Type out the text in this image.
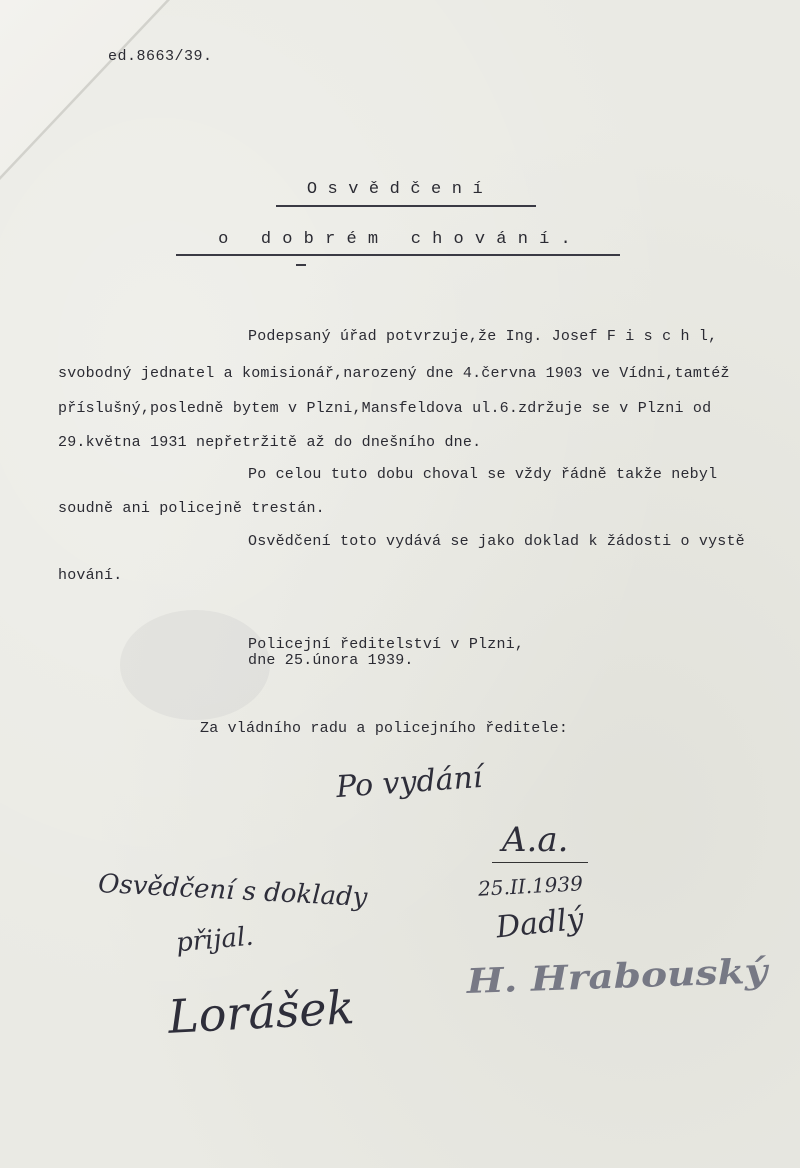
ed.8663/39.
Osvědčení
o dobrém chování.
Podepsaný úřad potvrzuje,že Ing. Josef F i s c h l,
svobodný jednatel a komisionář,narozený dne 4.června 1903 ve Vídni,tamtéž
příslušný,posledně bytem v Plzni,Mansfeldova ul.6.zdržuje se v Plzni od
29.května 1931 nepřetržitě až do dnešního dne.
Po celou tuto dobu choval se vždy řádně takže nebyl
soudně ani policejně trestán.
Osvědčení toto vydává se jako doklad k žádosti o vystě
hování.
Policejní ředitelství v Plzni,
dne 25.února 1939.
Za vládního radu a policejního ředitele:
Po vydání
A.a.
25.II.1939
Dadlý
Osvědčení s doklady
přijal.
Lorášek
H. Hrabouský
